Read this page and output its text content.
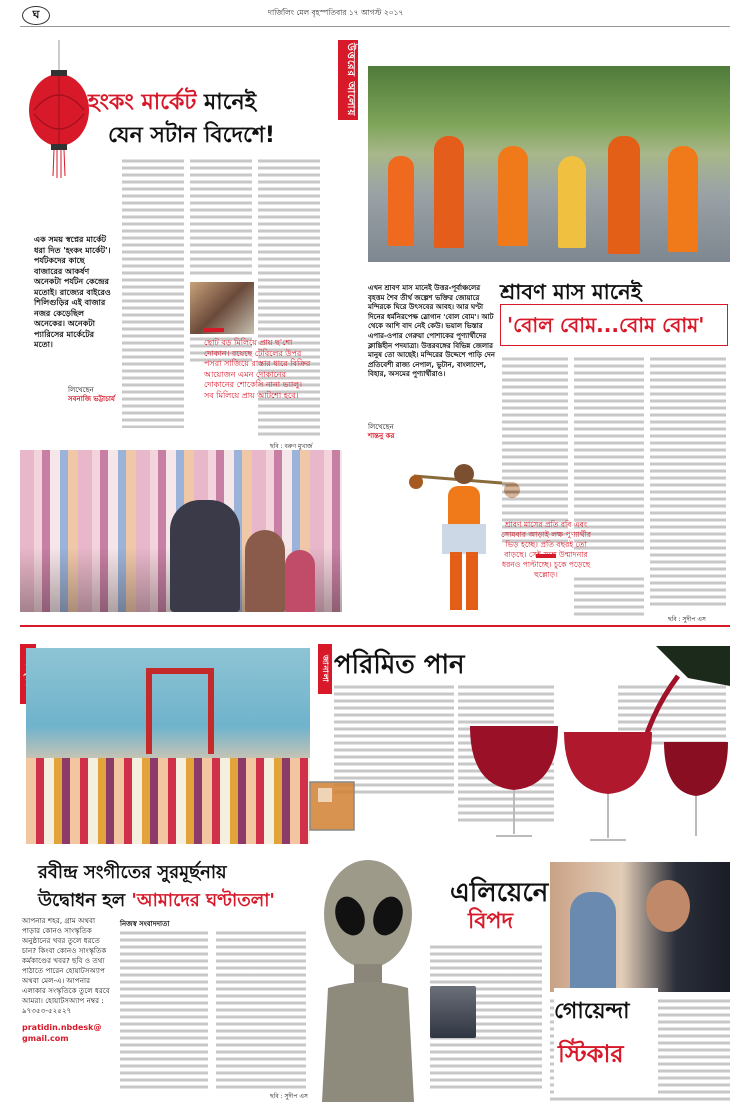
ঘ	দার্জিলিং মেল বৃহস্পতিবার ১৭ আগস্ট ২০১৭
হংকং মার্কেট মানেই
যেন সটান বিদেশে!
উত্তরের আলোয়
এক সময় স্বপ্নের মার্কেট ধরা দিত 'হংকং মার্কেট'। পর্যটকদের কাছে বাজারের আকর্ষণ অনেকটা পর্যটন কেন্দ্রের মতোই। রাজ্যের বাইরেও শিলিগুড়ির এই বাজার নজর কেড়েছিল অনেকের। অনেকটা প্যারিসের মার্কেটের মতো।
লিখেছেন
সবনাজি ভট্টাচার্য
ছোট বড় মিলিয়ে প্রায় ছ'শো দোকান। রয়েছে টেবিলের উপর পসরা সাজিয়ে রাস্তার ধারে বিক্রির আয়োজন এমন দোকানের দোকানের শোকেসি নানা ভ্যালু। সব মিলিয়ে প্রায় আটশো হবে।
ছবি : বরুণ মুখার্জ
এখন শ্রাবণ মাস মানেই উত্তর-পূর্বাঞ্চলের বৃহত্তম শৈব তীর্থ জল্পেশ ভক্তির জোয়ারে মন্দিরকে ঘিরে উৎসবের আবহ। আর ঘণ্টা দিনের ধর্মনিরপেক্ষ স্লোগান 'বোল বোম'। আট থেকে আশি বাদ নেই কেউ। ভয়াল ভিস্তার এপার-ওপার গেরুয়া পোশাকের পুণ্যার্থীদের ক্লান্তিহীন পদযাত্রা। উত্তরবঙ্গের বিভিন্ন জেলার মানুষ তো আছেই। মন্দিরের উদ্দেশে পাড়ি দেন প্রতিবেশী রাজ্য নেপাল, ভুটান, বাংলাদেশ, বিহার, অসমের পুণ্যার্থীরাও।
লিখেছেন
শান্তনু কর
শ্রাবণ মাস মানেই
'বোল বোম...বোম বোম'
শ্রাবণ মাসের প্রতি রবি এবং সোমবার আড়াই লক্ষ পুণ্যার্থীর ভিড় হচ্ছে। প্রতি বছরই তো বাড়ছে। সেই সঙ্গে উন্মাদনার ধরনও পাল্টাচ্ছে। চুকে পড়েছে হুল্লোড়।
ছবি : সুদীপ এস
রবীন্দ্র সংগীতের সুরমূর্ছনায়
উদ্বোধন হল 'আমাদের ঘণ্টাতলা'
নিজস্ব সংবাদদাতা
ছবি : সুদীপ এস
আপনার শহর, গ্রাম অথবা পাড়ার কোনও সাংস্কৃতিক অনুষ্ঠানের খবর তুলে ধরতে চান? কিংবা কোনও সাংস্কৃতিক কর্মকাণ্ডের খবর? ছবি ও তথ্য পাঠাতে পারেন হোয়াটসঅ্যাপ অথবা মেল-এ। আপনার এলাকার সংস্কৃতিকে তুলে ধরবে আমরা। হোয়াটসঅ্যাপ নম্বর : ৯৭৩৫৩-৫২৫২৭
pratidin.nbdesk@
gmail.com
জানালা পরিমিত পান
এলিয়েনে
বিপদ
গোয়েন্দা
স্টিকার
